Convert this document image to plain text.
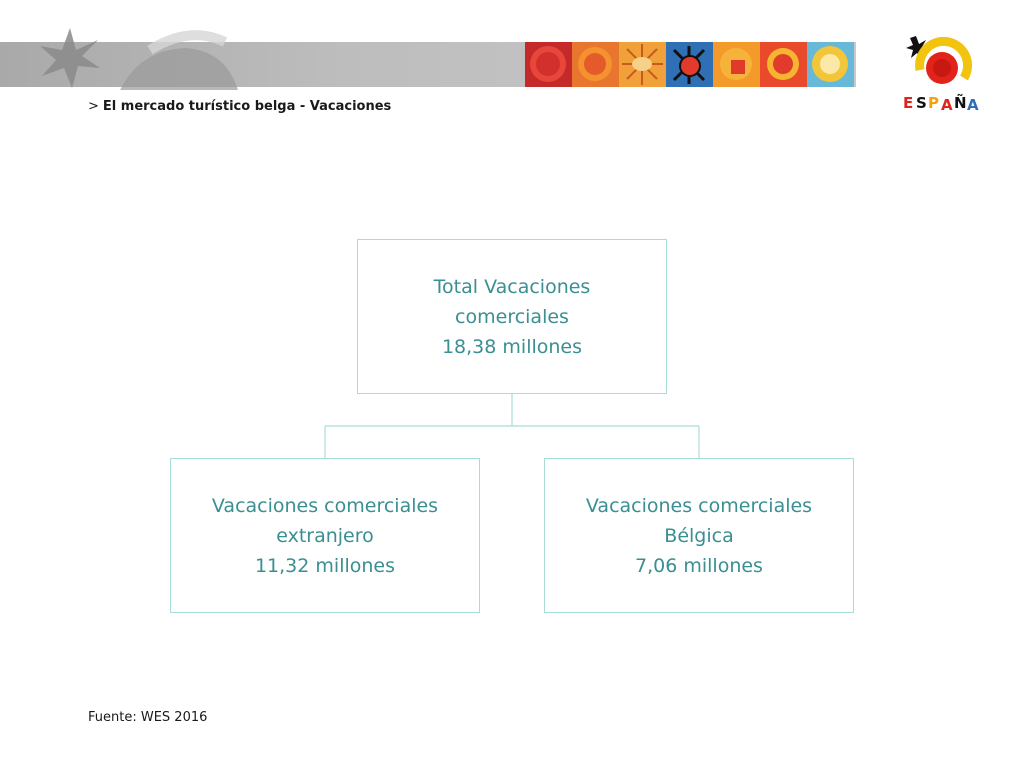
E S P A Ñ A
> El mercado turístico belga - Vacaciones
Total Vacaciones
comerciales
18,38 millones
Vacaciones comerciales
extranjero
11,32 millones
Vacaciones comerciales
Bélgica
7,06 millones
Fuente: WES 2016
